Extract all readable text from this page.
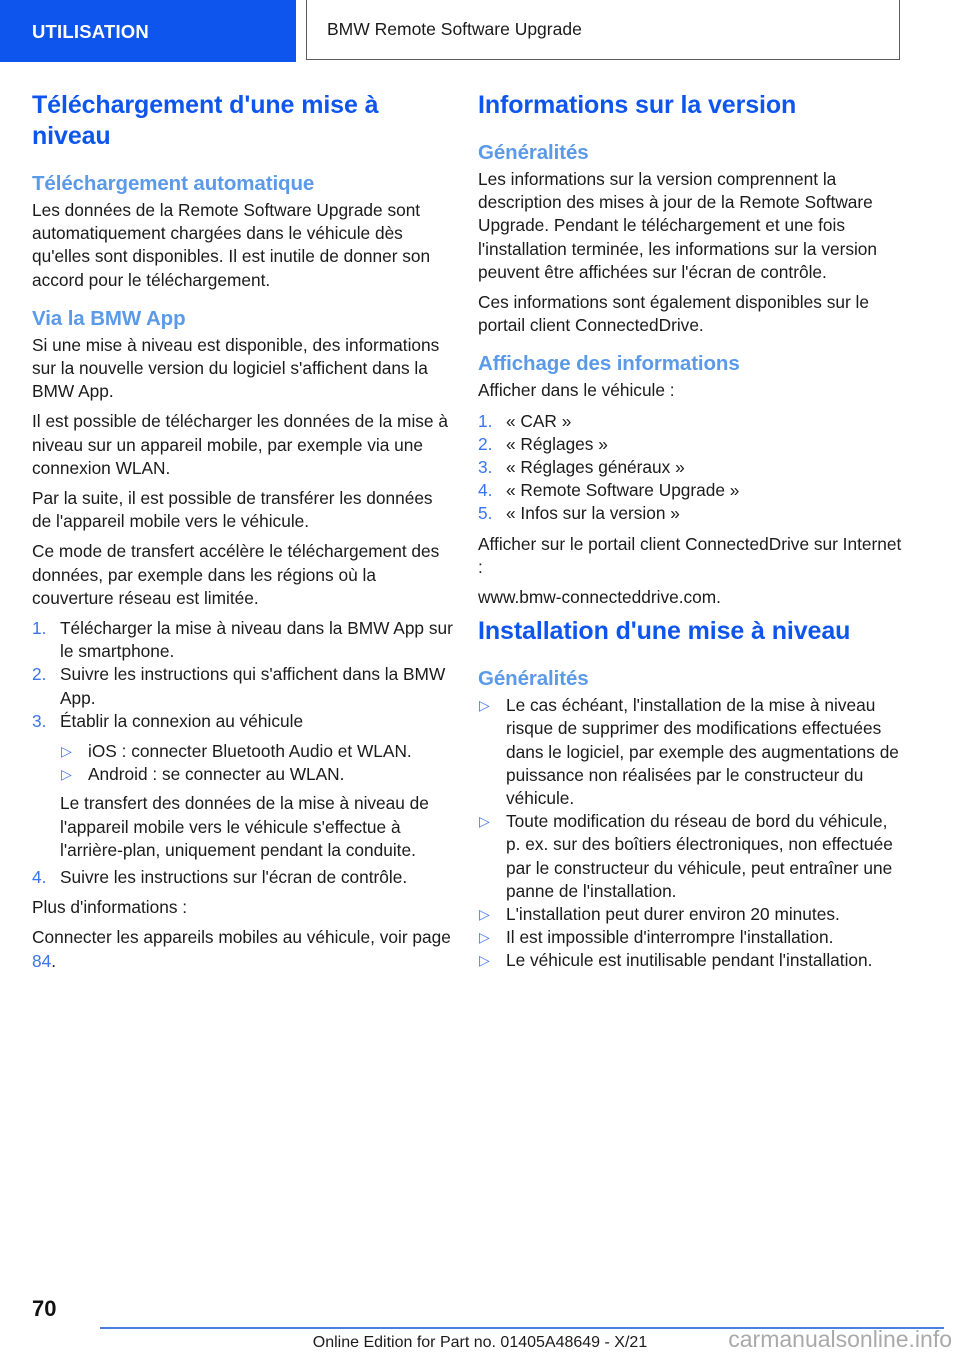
UTILISATION	BMW Remote Software Upgrade
Téléchargement d'une mise à niveau
Téléchargement automatique

Les données de la Remote Software Upgrade sont automatiquement chargées dans le véhicule dès qu'elles sont disponibles. Il est inutile de donner son accord pour le téléchargement.

Via la BMW App

Si une mise à niveau est disponible, des informations sur la nouvelle version du logiciel s'affichent dans la BMW App.

Il est possible de télécharger les données de la mise à niveau sur un appareil mobile, par exemple via une connexion WLAN.

Par la suite, il est possible de transférer les données de l'appareil mobile vers le véhicule.

Ce mode de transfert accélère le téléchargement des données, par exemple dans les régions où la couverture réseau est limitée.

1. Télécharger la mise à niveau dans la BMW App sur le smartphone.
2. Suivre les instructions qui s'affichent dans la BMW App.
3. Établir la connexion au véhicule
▷ iOS : connecter Bluetooth Audio et WLAN.
▷ Android : se connecter au WLAN.
Le transfert des données de la mise à niveau de l'appareil mobile vers le véhicule s'effectue à l'arrière-plan, uniquement pendant la conduite.
4. Suivre les instructions sur l'écran de contrôle.

Plus d'informations :

Connecter les appareils mobiles au véhicule, voir page 84.

Informations sur la version
Généralités

Les informations sur la version comprennent la description des mises à jour de la Remote Software Upgrade. Pendant le téléchargement et une fois l'installation terminée, les informations sur la version peuvent être affichées sur l'écran de contrôle.

Ces informations sont également disponibles sur le portail client ConnectedDrive.

Affichage des informations

Afficher dans le véhicule :

1. « CAR »
2. « Réglages »
3. « Réglages généraux »
4. « Remote Software Upgrade »
5. « Infos sur la version »

Afficher sur le portail client ConnectedDrive sur Internet :

www.bmw-connecteddrive.com.

Installation d'une mise à niveau
Généralités
▷ Le cas échéant, l'installation de la mise à niveau risque de supprimer des modifications effectuées dans le logiciel, par exemple des augmentations de puissance non réalisées par le constructeur du véhicule.
▷ Toute modification du réseau de bord du véhicule, p. ex. sur des boîtiers électroniques, non effectuée par le constructeur du véhicule, peut entraîner une panne de l'installation.
▷ L'installation peut durer environ 20 minutes.
▷ Il est impossible d'interrompre l'installation.
▷ Le véhicule est inutilisable pendant l'installation.
70
Online Edition for Part no. 01405A48649 - X/21	carmanualsonline.info
